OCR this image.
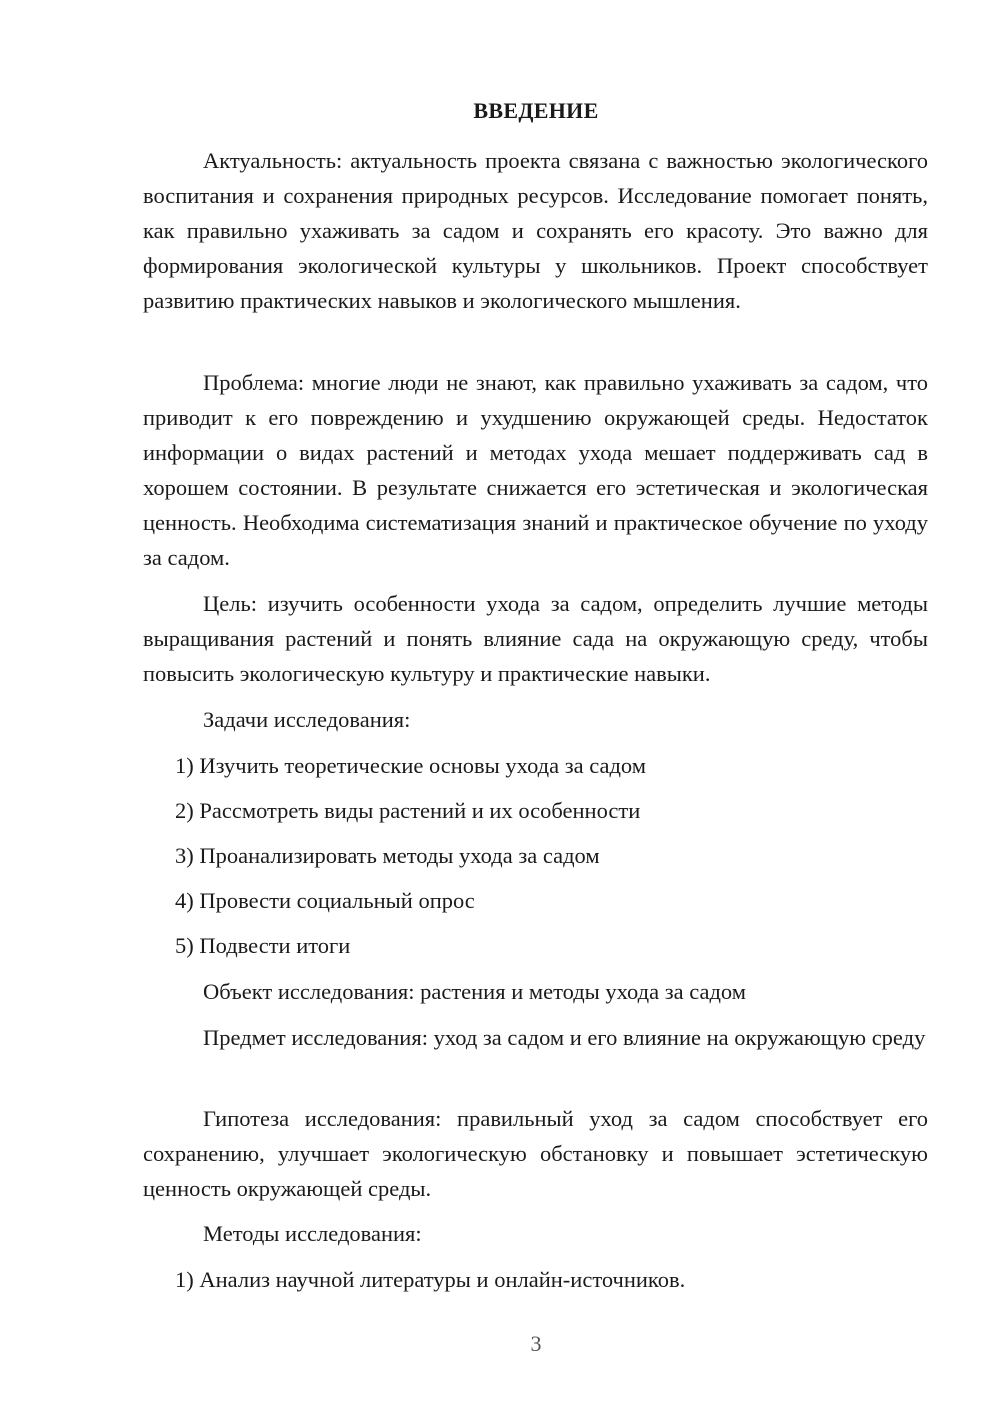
ВВЕДЕНИЕ

Актуальность: актуальность проекта связана с важностью экологического воспитания и сохранения природных ресурсов. Исследование помогает понять, как правильно ухаживать за садом и сохранять его красоту. Это важно для формирования экологической культуры у школьников. Проект способствует развитию практических навыков и экологического мышления.

Проблема: многие люди не знают, как правильно ухаживать за садом, что приводит к его повреждению и ухудшению окружающей среды. Недостаток информации о видах растений и методах ухода мешает поддерживать сад в хорошем состоянии. В результате снижается его эстетическая и экологическая ценность. Необходима систематизация знаний и практическое обучение по уходу за садом.

Цель: изучить особенности ухода за садом, определить лучшие методы выращивания растений и понять влияние сада на окружающую среду, чтобы повысить экологическую культуру и практические навыки.

Задачи исследования:

1) Изучить теоретические основы ухода за садом

2) Рассмотреть виды растений и их особенности

3) Проанализировать методы ухода за садом

4) Провести социальный опрос

5) Подвести итоги

Объект исследования: растения и методы ухода за садом

Предмет исследования: уход за садом и его влияние на окружающую среду

Гипотеза исследования: правильный уход за садом способствует его сохранению, улучшает экологическую обстановку и повышает эстетическую ценность окружающей среды.

Методы исследования:

1) Анализ научной литературы и онлайн-источников.

3
